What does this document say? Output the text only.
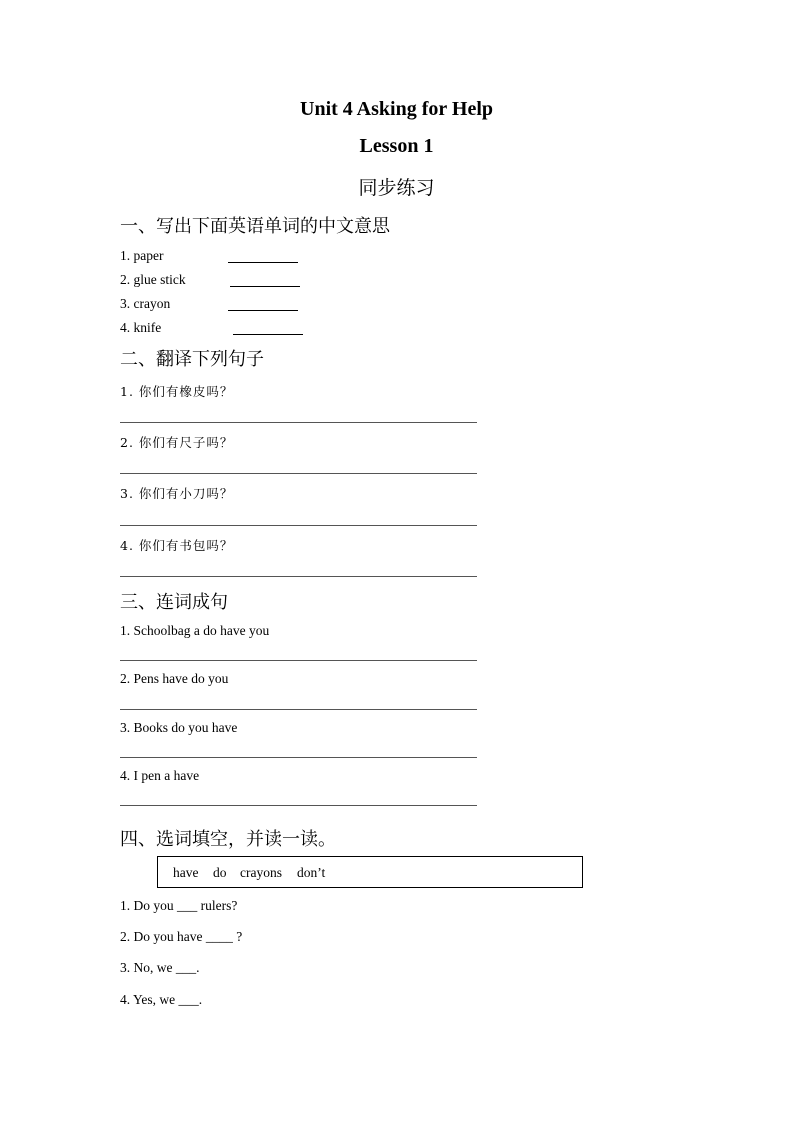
Unit 4 Asking for Help
Lesson 1
同步练习
一、写出下面英语单词的中文意思
1. paper
2. glue stick
3. crayon
4. knife
二、翻译下列句子
1. 你们有橡皮吗？
2. 你们有尺子吗？
3. 你们有小刀吗？
4. 你们有书包吗？
三、连词成句
1. Schoolbag a do have you
2. Pens have do you
3. Books do you have
4. I pen a have
四、选词填空，并读一读。
have do crayons don’t
1. Do you ___ rulers?
2. Do you have ____ ?
3. No, we ___.
4. Yes, we ___.
